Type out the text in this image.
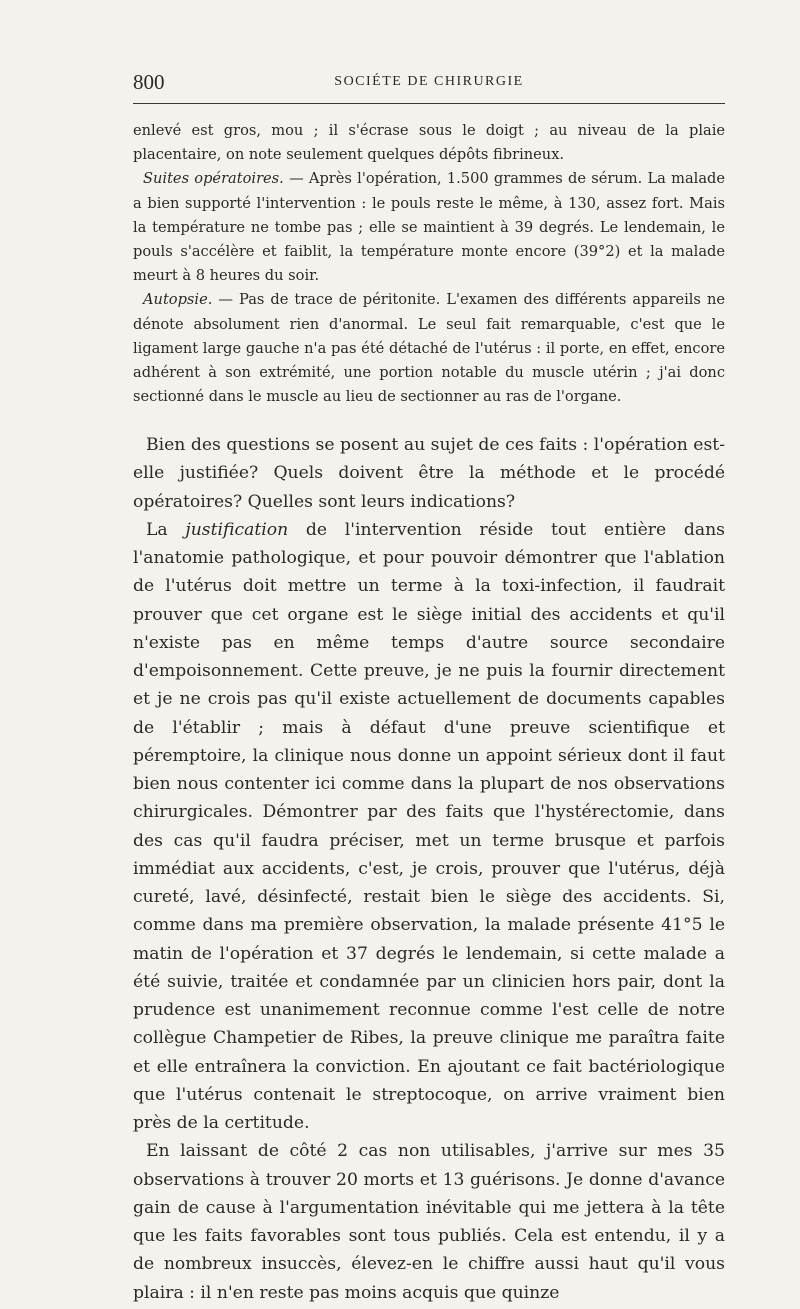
800	SOCIÉTE DE CHIRURGIE

enlevé est gros, mou ; il s'écrase sous le doigt ; au niveau de la plaie placentaire, on note seulement quelques dépôts fibrineux.

Suites opératoires. — Après l'opération, 1.500 grammes de sérum. La malade a bien supporté l'intervention : le pouls reste le même, à 130, assez fort. Mais la température ne tombe pas ; elle se maintient à 39 degrés. Le lendemain, le pouls s'accélère et faiblit, la température monte encore (39°2) et la malade meurt à 8 heures du soir.

Autopsie. — Pas de trace de péritonite. L'examen des différents appareils ne dénote absolument rien d'anormal. Le seul fait remarquable, c'est que le ligament large gauche n'a pas été détaché de l'utérus : il porte, en effet, encore adhérent à son extrémité, une portion notable du muscle utérin ; j'ai donc sectionné dans le muscle au lieu de sectionner au ras de l'organe.

Bien des questions se posent au sujet de ces faits : l'opération est-elle justifiée? Quels doivent être la méthode et le procédé opératoires? Quelles sont leurs indications?

La justification de l'intervention réside tout entière dans l'anatomie pathologique, et pour pouvoir démontrer que l'ablation de l'utérus doit mettre un terme à la toxi-infection, il faudrait prouver que cet organe est le siège initial des accidents et qu'il n'existe pas en même temps d'autre source secondaire d'empoisonnement. Cette preuve, je ne puis la fournir directement et je ne crois pas qu'il existe actuellement de documents capables de l'établir ; mais à défaut d'une preuve scientifique et péremptoire, la clinique nous donne un appoint sérieux dont il faut bien nous contenter ici comme dans la plupart de nos observations chirurgicales. Démontrer par des faits que l'hystérectomie, dans des cas qu'il faudra préciser, met un terme brusque et parfois immédiat aux accidents, c'est, je crois, prouver que l'utérus, déjà cureté, lavé, désinfecté, restait bien le siège des accidents. Si, comme dans ma première observation, la malade présente 41°5 le matin de l'opération et 37 degrés le lendemain, si cette malade a été suivie, traitée et condamnée par un clinicien hors pair, dont la prudence est unanimement reconnue comme l'est celle de notre collègue Champetier de Ribes, la preuve clinique me paraîtra faite et elle entraînera la conviction. En ajoutant ce fait bactériologique que l'utérus contenait le streptocoque, on arrive vraiment bien près de la certitude.

En laissant de côté 2 cas non utilisables, j'arrive sur mes 35 observations à trouver 20 morts et 13 guérisons. Je donne d'avance gain de cause à l'argumentation inévitable qui me jettera à la tête que les faits favorables sont tous publiés. Cela est entendu, il y a de nombreux insuccès, élevez-en le chiffre aussi haut qu'il vous plaira : il n'en reste pas moins acquis que quinze
